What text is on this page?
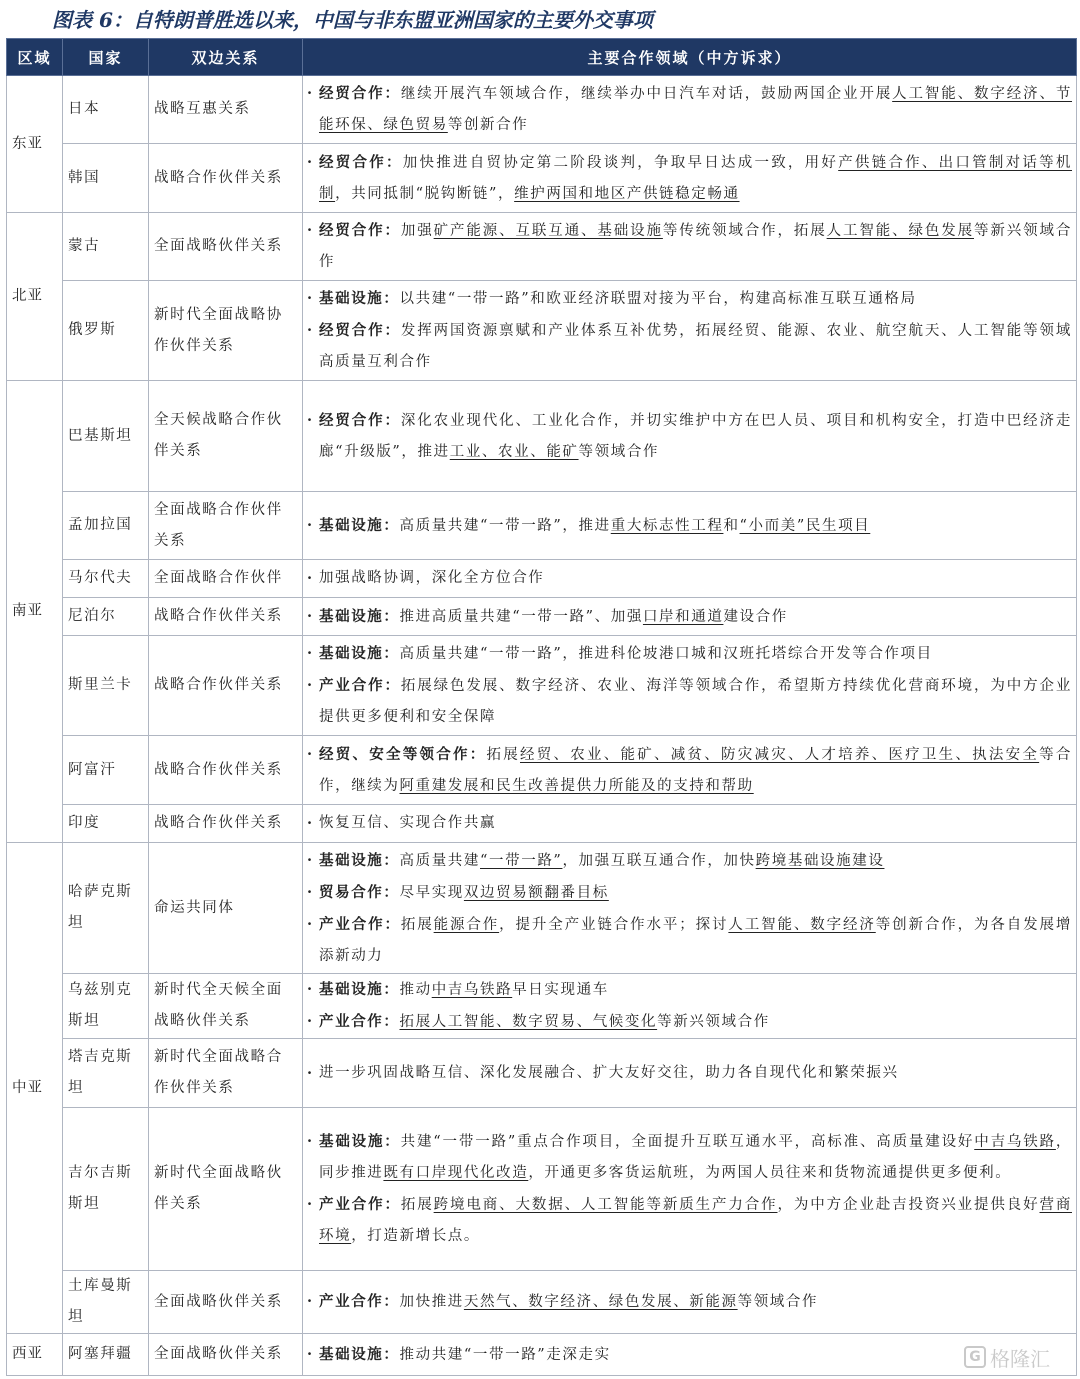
图表 6：自特朗普胜选以来，中国与非东盟亚洲国家的主要外交事项
区域	国家	双边关系	主要合作领域（中方诉求）
东亚	日本	战略互惠关系	· 经贸合作：继续开展汽车领域合作，继续举办中日汽车对话，鼓励两国企业开展人工智能、数字经济、节能环保、绿色贸易等创新合作

	韩国	战略合作伙伴关系	· 经贸合作：加快推进自贸协定第二阶段谈判，争取早日达成一致，用好产供链合作、出口管制对话等机制，共同抵制“脱钩断链”，维护两国和地区产供链稳定畅通

北亚	蒙古	全面战略伙伴关系	· 经贸合作：加强矿产能源、互联互通、基础设施等传统领域合作，拓展人工智能、绿色发展等新兴领域合作

	俄罗斯	新时代全面战略协作伙伴关系	· 基础设施：以共建“一带一路”和欧亚经济联盟对接为平台，构建高标准互联互通格局
· 经贸合作：发挥两国资源禀赋和产业体系互补优势，拓展经贸、能源、农业、航空航天、人工智能等领域高质量互利合作

南亚	巴基斯坦	全天候战略合作伙伴关系	· 经贸合作：深化农业现代化、工业化合作，并切实维护中方在巴人员、项目和机构安全，打造中巴经济走廊“升级版”，推进工业、农业、能矿等领域合作

	孟加拉国	全面战略合作伙伴关系	· 基础设施：高质量共建“一带一路”，推进重大标志性工程和“小而美”民生项目

	马尔代夫	全面战略合作伙伴	· 加强战略协调，深化全方位合作

	尼泊尔	战略合作伙伴关系	· 基础设施：推进高质量共建“一带一路”、加强口岸和通道建设合作

	斯里兰卡	战略合作伙伴关系	· 基础设施：高质量共建“一带一路”，推进科伦坡港口城和汉班托塔综合开发等合作项目
· 产业合作：拓展绿色发展、数字经济、农业、海洋等领域合作，希望斯方持续优化营商环境，为中方企业提供更多便利和安全保障

	阿富汗	战略合作伙伴关系	· 经贸、安全等领合作：拓展经贸、农业、能矿、减贫、防灾减灾、人才培养、医疗卫生、执法安全等合作，继续为阿重建发展和民生改善提供力所能及的支持和帮助

	印度	战略合作伙伴关系	· 恢复互信、实现合作共赢

中亚	哈萨克斯坦	命运共同体	· 基础设施：高质量共建“一带一路”，加强互联互通合作，加快跨境基础设施建设
· 贸易合作：尽早实现双边贸易额翻番目标
· 产业合作：拓展能源合作，提升全产业链合作水平；探讨人工智能、数字经济等创新合作，为各自发展增添新动力

	乌兹别克斯坦	新时代全天候全面战略伙伴关系	· 基础设施：推动中吉乌铁路早日实现通车
· 产业合作：拓展人工智能、数字贸易、气候变化等新兴领域合作

	塔吉克斯坦	新时代全面战略合作伙伴关系	· 进一步巩固战略互信、深化发展融合、扩大友好交往，助力各自现代化和繁荣振兴

	吉尔吉斯斯坦	新时代全面战略伙伴关系	· 基础设施：共建“一带一路”重点合作项目，全面提升互联互通水平，高标准、高质量建设好中吉乌铁路，同步推进既有口岸现代化改造，开通更多客货运航班，为两国人员往来和货物流通提供更多便利。
· 产业合作：拓展跨境电商、大数据、人工智能等新质生产力合作，为中方企业赴吉投资兴业提供良好营商环境，打造新增长点。

	土库曼斯坦	全面战略伙伴关系	· 产业合作：加快推进天然气、数字经济、绿色发展、新能源等领域合作

西亚	阿塞拜疆	全面战略伙伴关系	· 基础设施：推动共建“一带一路”走深走实	G 格隆汇
